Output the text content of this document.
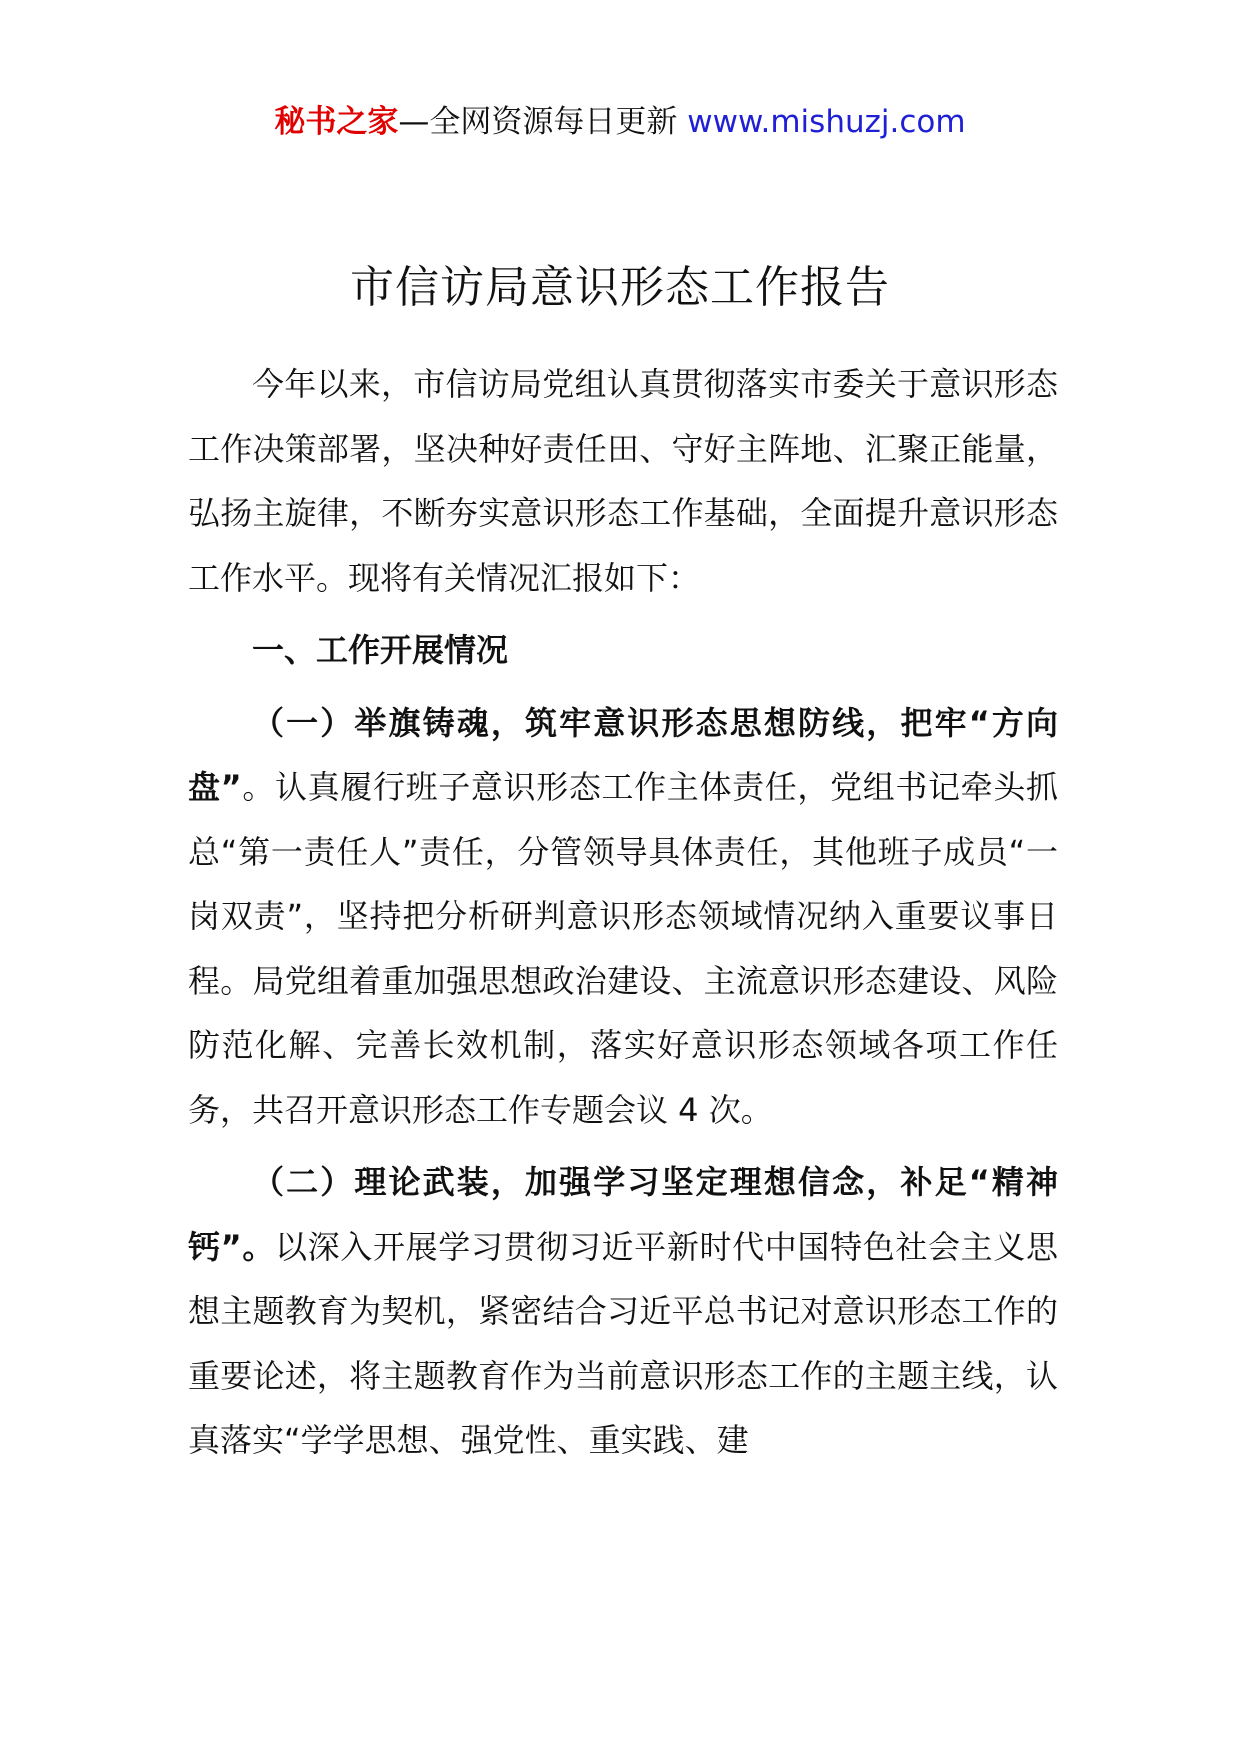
秘书之家—全网资源每日更新 www.mishuzj.com
市信访局意识形态工作报告

今年以来，市信访局党组认真贯彻落实市委关于意识形态工作决策部署，坚决种好责任田、守好主阵地、汇聚正能量，弘扬主旋律，不断夯实意识形态工作基础，全面提升意识形态工作水平。现将有关情况汇报如下：

一、工作开展情况

（一）举旗铸魂，筑牢意识形态思想防线，把牢“方向盘”。认真履行班子意识形态工作主体责任，党组书记牵头抓总“第一责任人”责任，分管领导具体责任，其他班子成员“一岗双责”，坚持把分析研判意识形态领域情况纳入重要议事日程。局党组着重加强思想政治建设、主流意识形态建设、风险防范化解、完善长效机制，落实好意识形态领域各项工作任务，共召开意识形态工作专题会议 4 次。

（二）理论武装，加强学习坚定理想信念，补足“精神钙”。以深入开展学习贯彻习近平新时代中国特色社会主义思想主题教育为契机，紧密结合习近平总书记对意识形态工作的重要论述，将主题教育作为当前意识形态工作的主题主线，认真落实“学学思想、强党性、重实践、建
